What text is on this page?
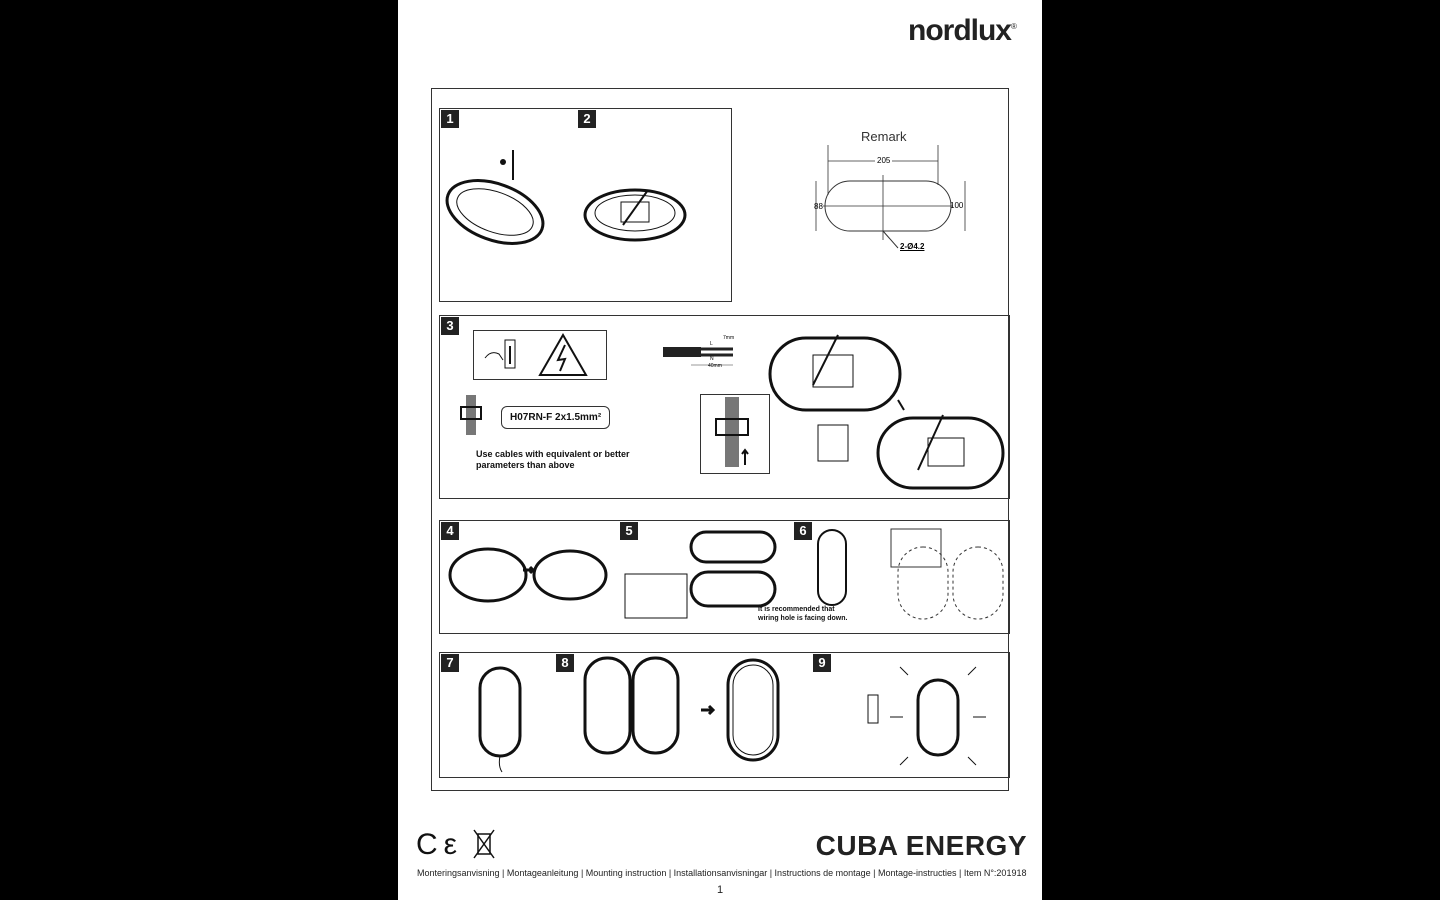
nordlux®
1	2
Remark
205
88	100
2-Ø4.2
3
H07RN-F 2x1.5mm²
Use cables with equivalent or better
parameters than above
7mm
L
N
40mm
4	5	6
It is recommended that
wiring hole is facing down.
7	8	9
C ε	CUBA ENERGY
Monteringsanvisning | Montageanleitung | Mounting instruction | Installationsanvisningar | Instructions de montage | Montage-instructies | Item N°:201918
1
